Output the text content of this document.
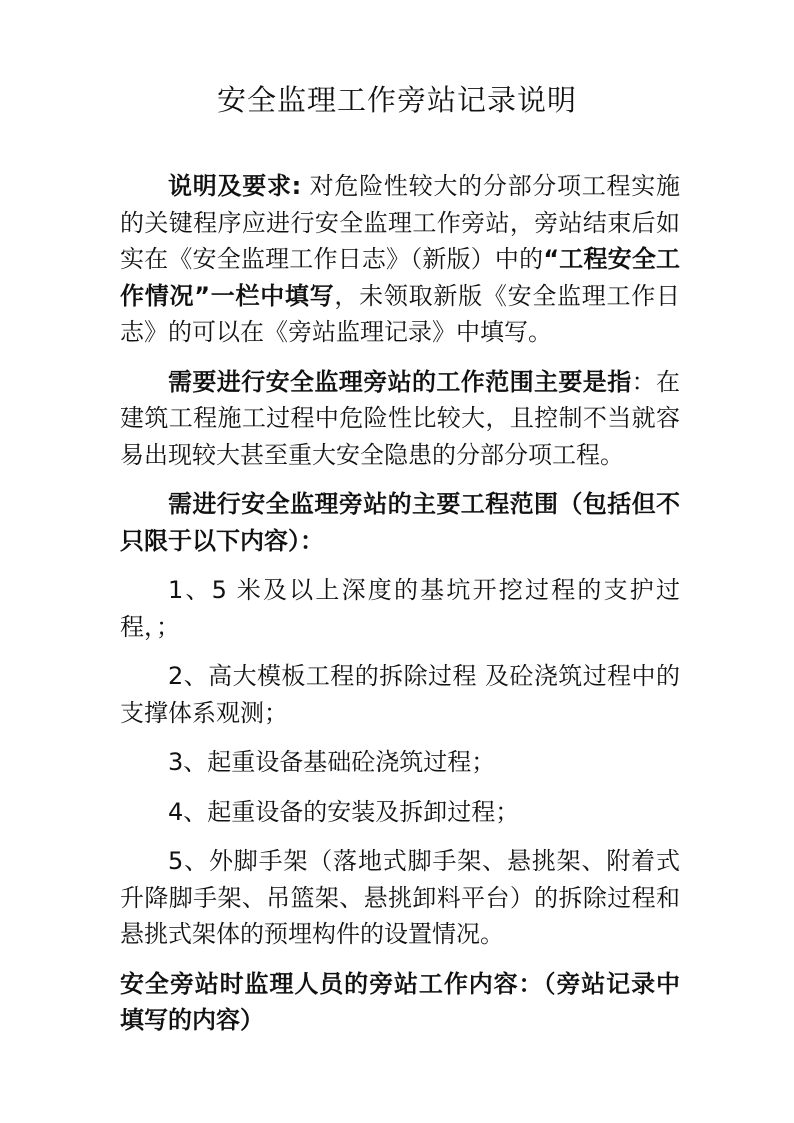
安全监理工作旁站记录说明

说明及要求: 对危险性较大的分部分项工程实施的关键程序应进行安全监理工作旁站，旁站结束后如实在《安全监理工作日志》（新版）中的“工程安全工作情况”一栏中填写，未领取新版《安全监理工作日志》的可以在《旁站监理记录》中填写。

需要进行安全监理旁站的工作范围主要是指：在建筑工程施工过程中危险性比较大，且控制不当就容易出现较大甚至重大安全隐患的分部分项工程。

需进行安全监理旁站的主要工程范围（包括但不只限于以下内容）：

1、5 米及以上深度的基坑开挖过程的支护过程，；

2、高大模板工程的拆除过程 及砼浇筑过程中的支撑体系观测；

3、起重设备基础砼浇筑过程；

4、起重设备的安装及拆卸过程；

5、外脚手架（落地式脚手架、悬挑架、附着式升降脚手架、吊篮架、悬挑卸料平台）的拆除过程和悬挑式架体的预埋构件的设置情况。

安全旁站时监理人员的旁站工作内容：（旁站记录中填写的内容）
